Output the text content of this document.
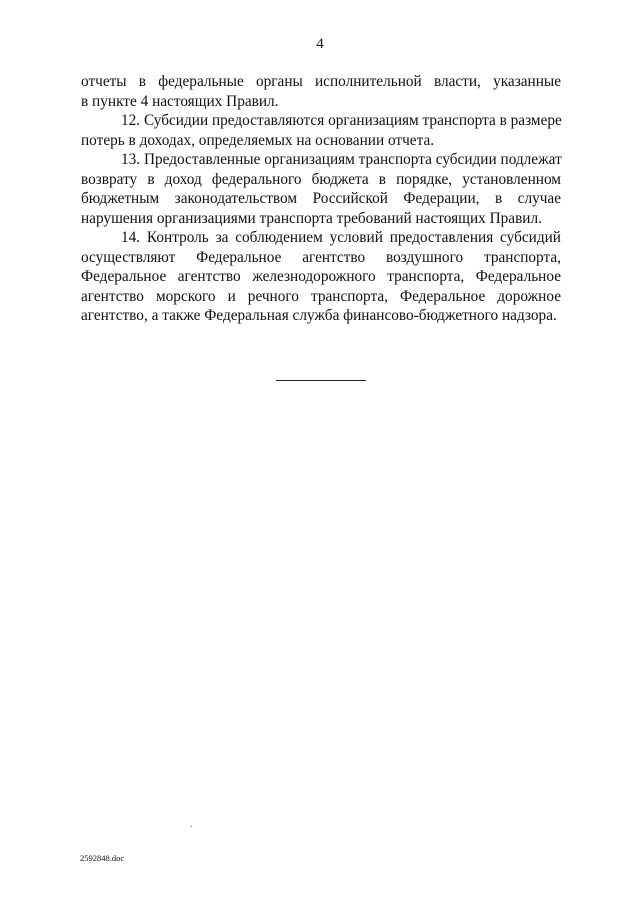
4
отчеты в федеральные органы исполнительной власти, указанные
в пункте 4 настоящих Правил.
12. Субсидии предоставляются организациям транспорта в размере
потерь в доходах, определяемых на основании отчета.
13. Предоставленные организациям транспорта субсидии подлежат
возврату в доход федерального бюджета в порядке, установленном
бюджетным законодательством Российской Федерации, в случае
нарушения организациями транспорта требований настоящих Правил.
14. Контроль за соблюдением условий предоставления субсидий
осуществляют Федеральное агентство воздушного транспорта,
Федеральное агентство железнодорожного транспорта, Федеральное
агентство морского и речного транспорта, Федеральное дорожное
агентство, а также Федеральная служба финансово-бюджетного надзора.
2592848.doc
